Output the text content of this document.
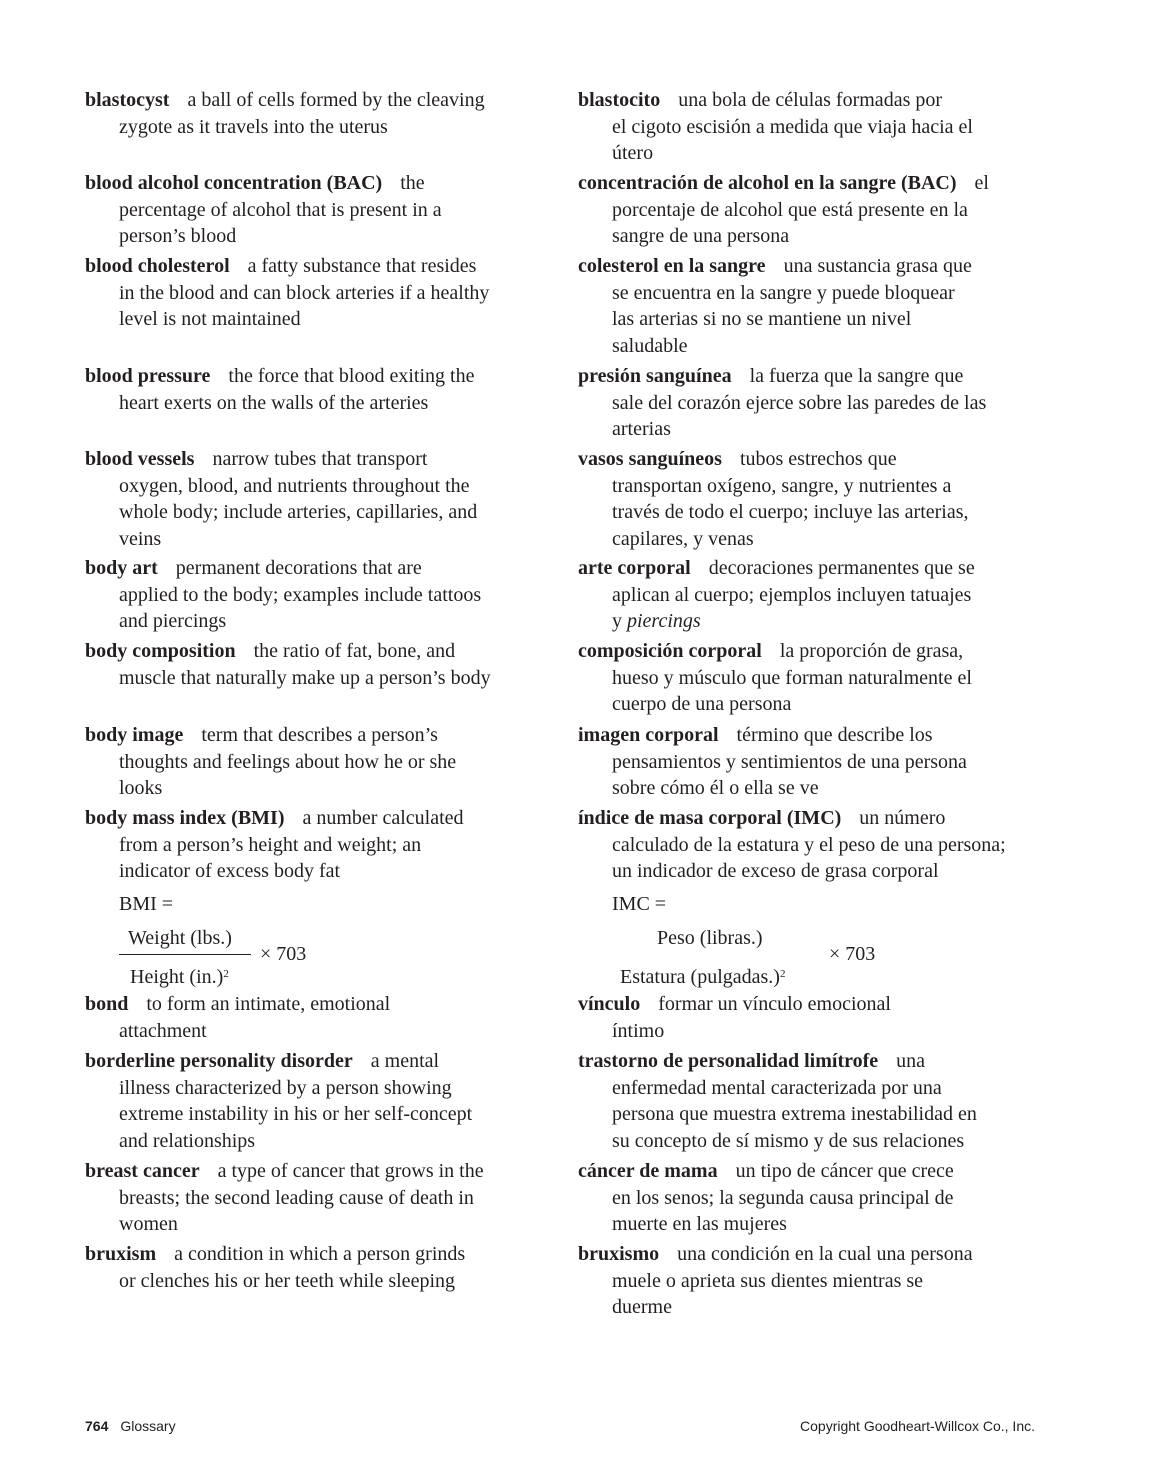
blastocyst a ball of cells formed by the cleaving
zygote as it travels into the uterus
blood alcohol concentration (BAC) the
percentage of alcohol that is present in a
person’s blood
blood cholesterol a fatty substance that resides
in the blood and can block arteries if a healthy
level is not maintained
blood pressure the force that blood exiting the
heart exerts on the walls of the arteries
blood vessels narrow tubes that transport
oxygen, blood, and nutrients throughout the
whole body; include arteries, capillaries, and
veins
body art permanent decorations that are
applied to the body; examples include tattoos
and piercings
body composition the ratio of fat, bone, and
muscle that naturally make up a person’s body
body image term that describes a person’s
thoughts and feelings about how he or she
looks
body mass index (BMI) a number calculated
from a person’s height and weight; an
indicator of excess body fat
BMI =
Weight (lbs.)
Height $(in.)^2$
× 703
bond to form an intimate, emotional
attachment
borderline personality disorder a mental
illness characterized by a person showing
extreme instability in his or her self-concept
and relationships
breast cancer a type of cancer that grows in the
breasts; the second leading cause of death in
women
bruxism a condition in which a person grinds
or clenches his or her teeth while sleeping
blastocito una bola de células formadas por
el cigoto escisión a medida que viaja hacia el
útero
concentración de alcohol en la sangre (BAC) el
porcentaje de alcohol que está presente en la
sangre de una persona
colesterol en la sangre una sustancia grasa que
se encuentra en la sangre y puede bloquear
las arterias si no se mantiene un nivel
saludable
presión sanguínea la fuerza que la sangre que
sale del corazón ejerce sobre las paredes de las
arterias
vasos sanguíneos tubos estrechos que
transportan oxígeno, sangre, y nutrientes a
través de todo el cuerpo; incluye las arterias,
capilares, y venas
arte corporal decoraciones permanentes que se
aplican al cuerpo; ejemplos incluyen tatuajes
y piercings
composición corporal la proporción de grasa,
hueso y músculo que forman naturalmente el
cuerpo de una persona
imagen corporal término que describe los
pensamientos y sentimientos de una persona
sobre cómo él o ella se ve
índice de masa corporal (IMC) un número
calculado de la estatura y el peso de una persona;
un indicador de exceso de grasa corporal
IMC =
Peso (libras.)
Estatura (pulgadas.)$^2$
× 703
vínculo formar un vínculo emocional
íntimo
trastorno de personalidad limítrofe una
enfermedad mental caracterizada por una
persona que muestra extrema inestabilidad en
su concepto de sí mismo y de sus relaciones
cáncer de mama un tipo de cáncer que crece
en los senos; la segunda causa principal de
muerte en las mujeres
bruxismo una condición en la cual una persona
muele o aprieta sus dientes mientras se
duerme
764 Glossary	Copyright Goodheart-Willcox Co., Inc.
